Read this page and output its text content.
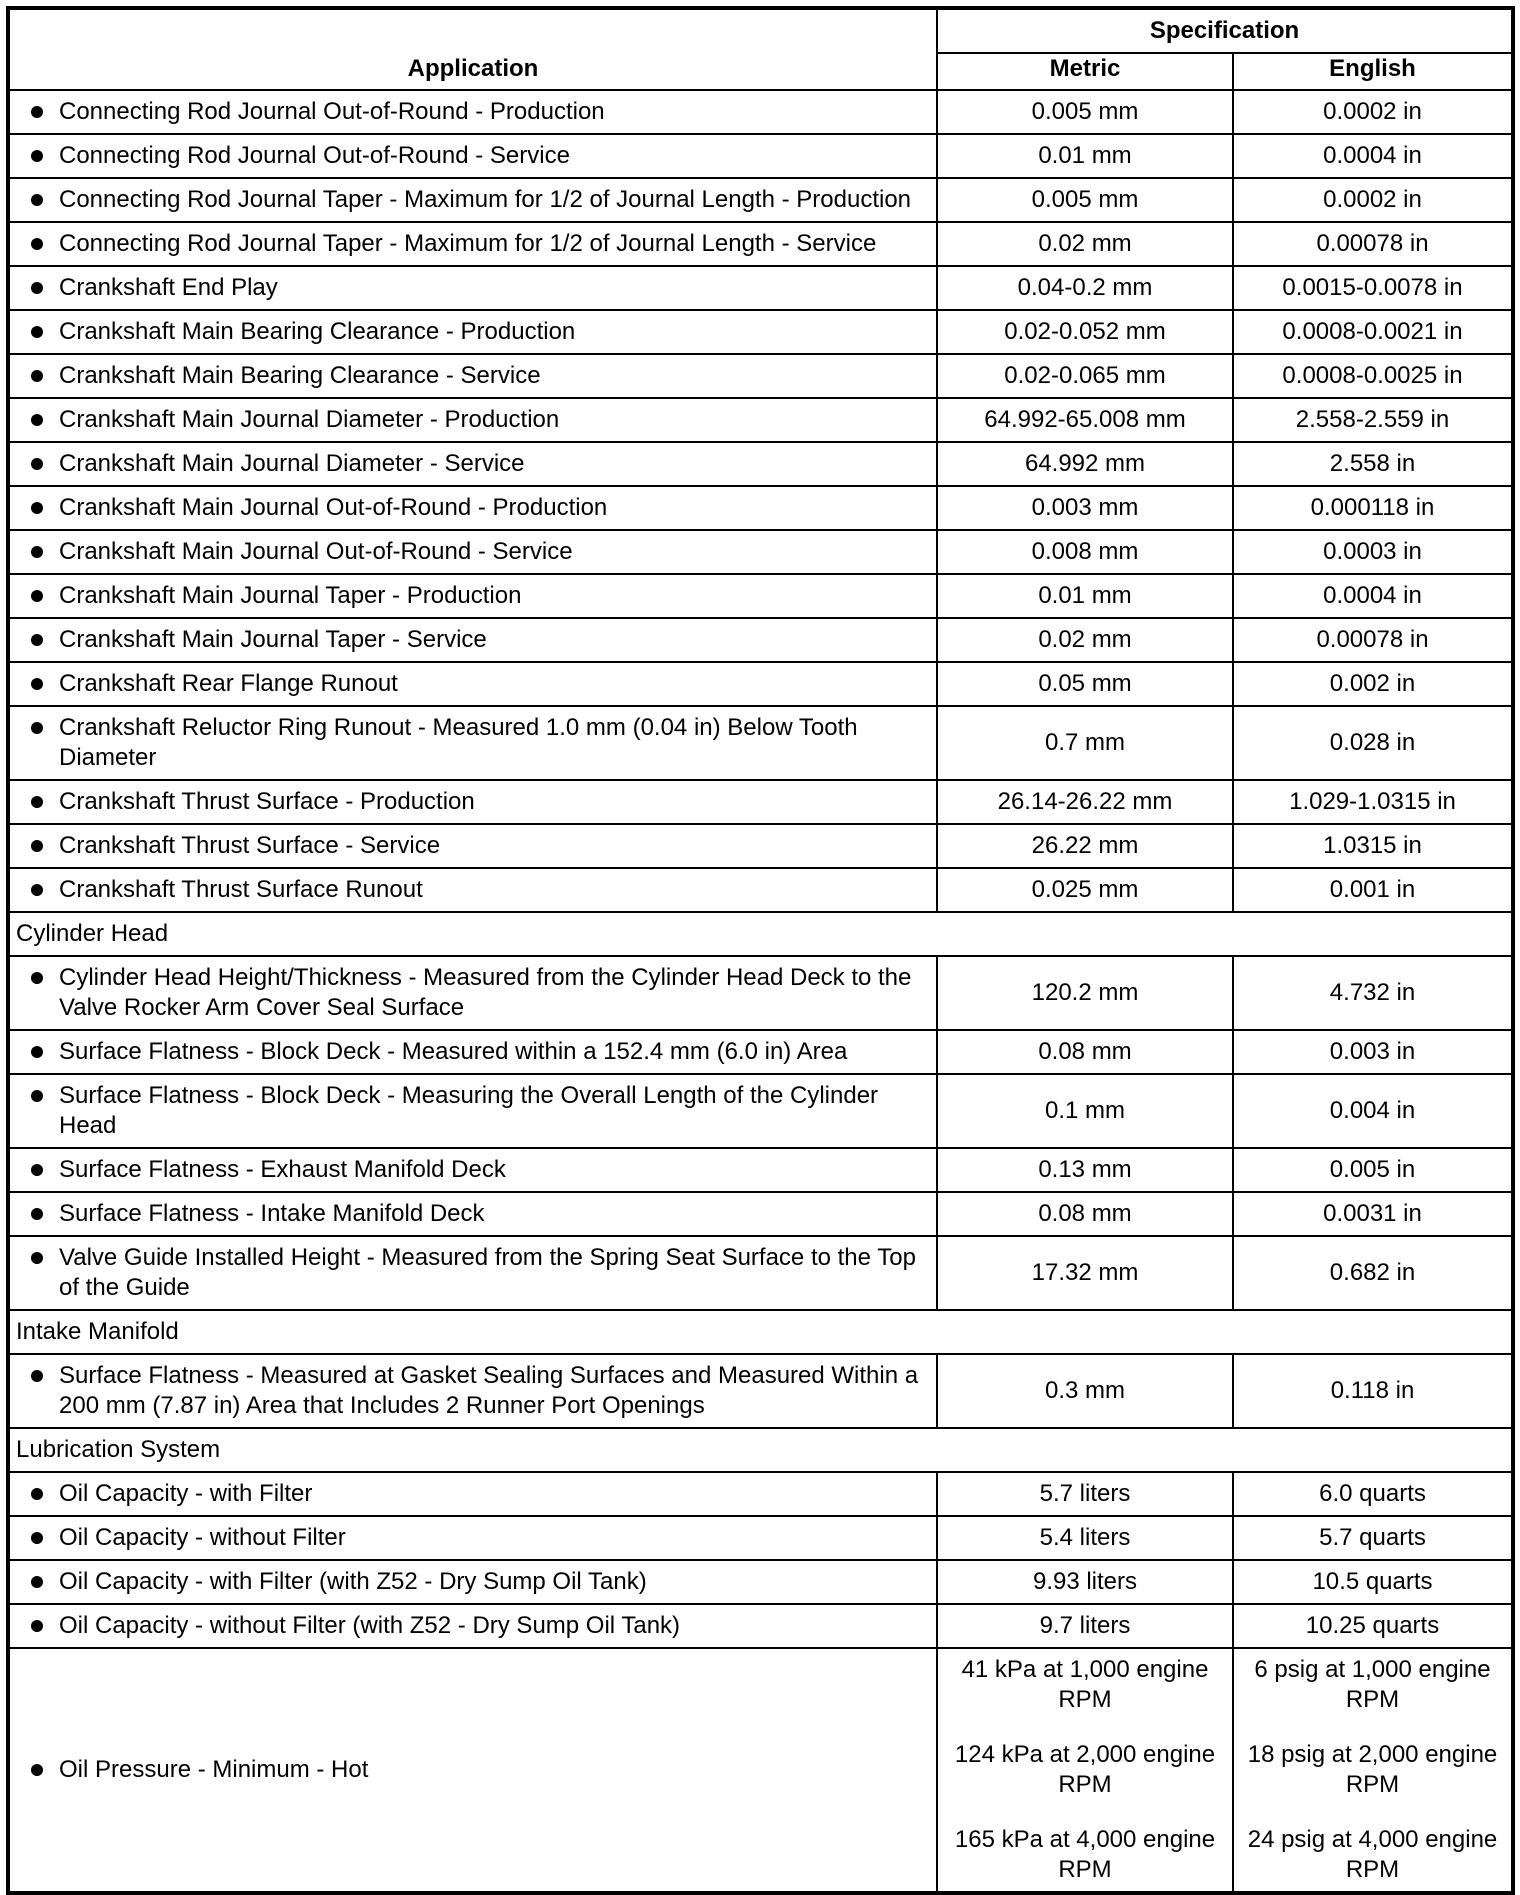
Application	Specification	
	Metric	English

Connecting Rod Journal Out-of-Round - Production	0.005 mm	0.0002 in

Connecting Rod Journal Out-of-Round - Service	0.01 mm	0.0004 in

Connecting Rod Journal Taper - Maximum for 1/2 of Journal Length - Production	0.005 mm	0.0002 in

Connecting Rod Journal Taper - Maximum for 1/2 of Journal Length - Service	0.02 mm	0.00078 in

Crankshaft End Play	0.04-0.2 mm	0.0015-0.0078 in

Crankshaft Main Bearing Clearance - Production	0.02-0.052 mm	0.0008-0.0021 in

Crankshaft Main Bearing Clearance - Service	0.02-0.065 mm	0.0008-0.0025 in

Crankshaft Main Journal Diameter - Production	64.992-65.008 mm	2.558-2.559 in

Crankshaft Main Journal Diameter - Service	64.992 mm	2.558 in

Crankshaft Main Journal Out-of-Round - Production	0.003 mm	0.000118 in

Crankshaft Main Journal Out-of-Round - Service	0.008 mm	0.0003 in

Crankshaft Main Journal Taper - Production	0.01 mm	0.0004 in

Crankshaft Main Journal Taper - Service	0.02 mm	0.00078 in

Crankshaft Rear Flange Runout	0.05 mm	0.002 in

Crankshaft Reluctor Ring Runout - Measured 1.0 mm (0.04 in) Below Tooth Diameter	0.7 mm	0.028 in

Crankshaft Thrust Surface - Production	26.14-26.22 mm	1.029-1.0315 in

Crankshaft Thrust Surface - Service	26.22 mm	1.0315 in

Crankshaft Thrust Surface Runout	0.025 mm	0.001 in
Cylinder Head		

Cylinder Head Height/Thickness - Measured from the Cylinder Head Deck to the Valve Rocker Arm Cover Seal Surface	120.2 mm	4.732 in

Surface Flatness - Block Deck - Measured within a 152.4 mm (6.0 in) Area	0.08 mm	0.003 in

Surface Flatness - Block Deck - Measuring the Overall Length of the Cylinder Head	0.1 mm	0.004 in

Surface Flatness - Exhaust Manifold Deck	0.13 mm	0.005 in

Surface Flatness - Intake Manifold Deck	0.08 mm	0.0031 in

Valve Guide Installed Height - Measured from the Spring Seat Surface to the Top of the Guide	17.32 mm	0.682 in
Intake Manifold		

Surface Flatness - Measured at Gasket Sealing Surfaces and Measured Within a 200 mm (7.87 in) Area that Includes 2 Runner Port Openings	0.3 mm	0.118 in
Lubrication System		

Oil Capacity - with Filter	5.7 liters	6.0 quarts

Oil Capacity - without Filter	5.4 liters	5.7 quarts

Oil Capacity - with Filter (with Z52 - Dry Sump Oil Tank)	9.93 liters	10.5 quarts

Oil Capacity - without Filter (with Z52 - Dry Sump Oil Tank)	9.7 liters	10.25 quarts

Oil Pressure - Minimum - Hot	41 kPa at 1,000 engine RPM
124 kPa at 2,000 engine RPM
165 kPa at 4,000 engine RPM	6 psig at 1,000 engine RPM
18 psig at 2,000 engine RPM
24 psig at 4,000 engine RPM
